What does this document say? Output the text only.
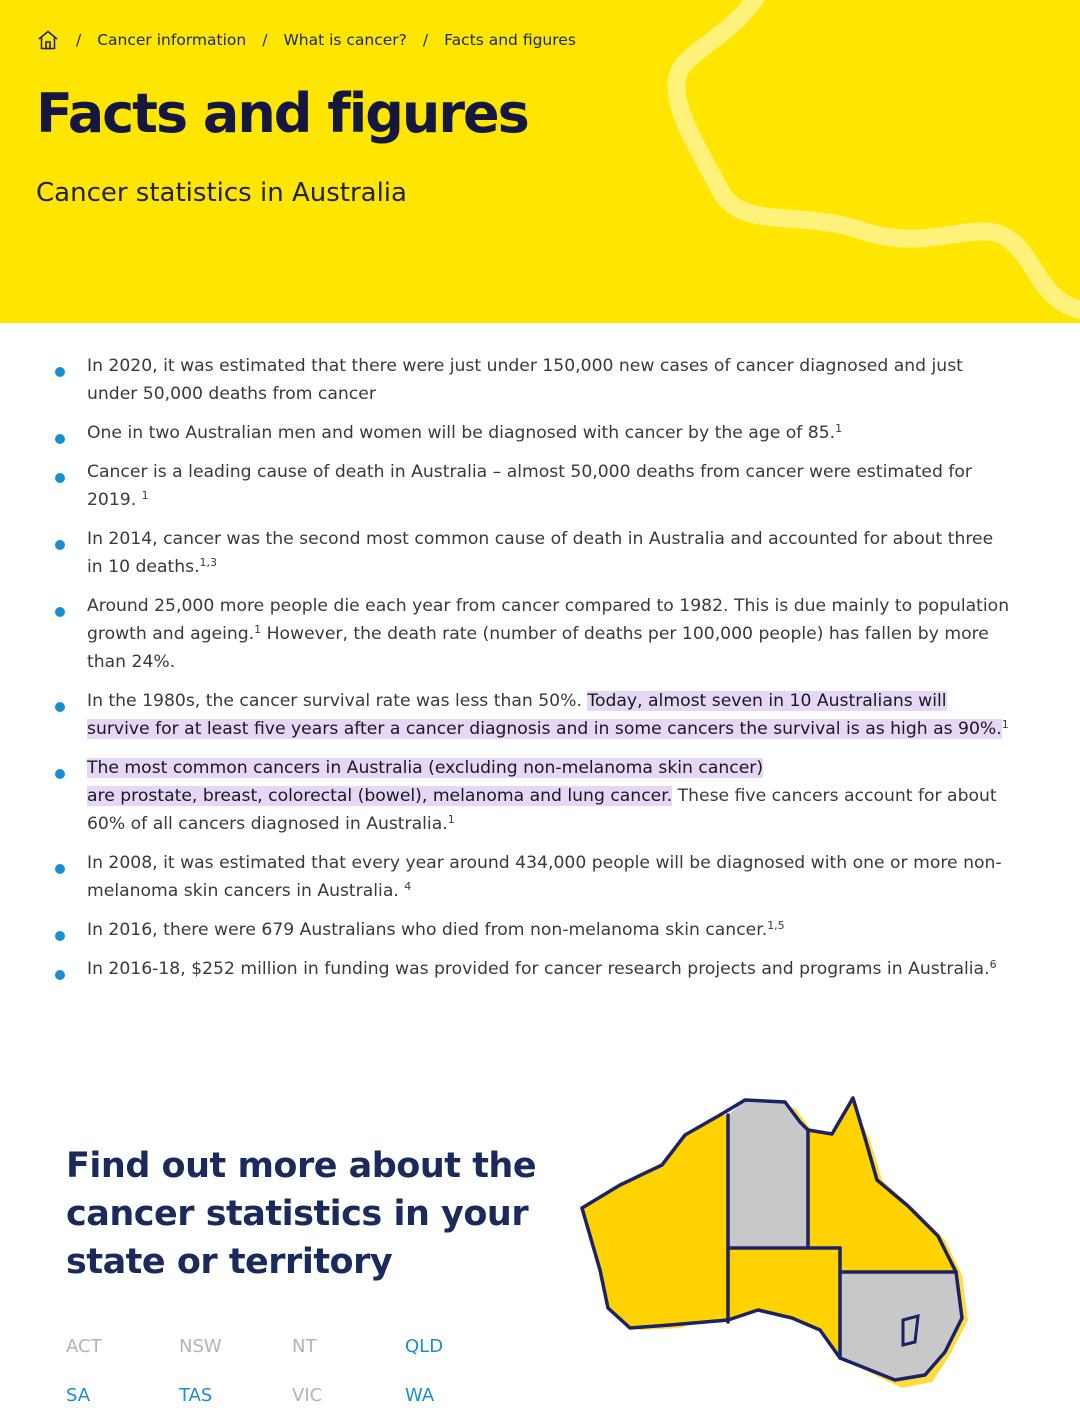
/ Cancer information / What is cancer? / Facts and figures
Facts and figures
Cancer statistics in Australia
In 2020, it was estimated that there were just under 150,000 new cases of cancer diagnosed and just under 50,000 deaths from cancer
One in two Australian men and women will be diagnosed with cancer by the age of 85.$^1$
Cancer is a leading cause of death in Australia – almost 50,000 deaths from cancer were estimated for 2019. $^1$
In 2014, cancer was the second most common cause of death in Australia and accounted for about three in 10 deaths.$^{1,3}$
Around 25,000 more people die each year from cancer compared to 1982. This is due mainly to population growth and ageing.$^1$ However, the death rate (number of deaths per 100,000 people) has fallen by more than 24%.
In the 1980s, the cancer survival rate was less than 50%. Today, almost seven in 10 Australians will survive for at least five years after a cancer diagnosis and in some cancers the survival is as high as 90%.$^1$
The most common cancers in Australia (excluding non-melanoma skin cancer)
are prostate, breast, colorectal (bowel), melanoma and lung cancer. These five cancers account for about 60% of all cancers diagnosed in Australia.$^1$
In 2008, it was estimated that every year around 434,000 people will be diagnosed with one or more non-melanoma skin cancers in Australia. $^4$
In 2016, there were 679 Australians who died from non-melanoma skin cancer.$^{1,5}$
In 2016-18, $252 million in funding was provided for cancer research projects and programs in Australia.$^6$
Find out more about the cancer statistics in your state or territory
ACT	NSW	NT	QLD
SA	TAS	VIC	WA
